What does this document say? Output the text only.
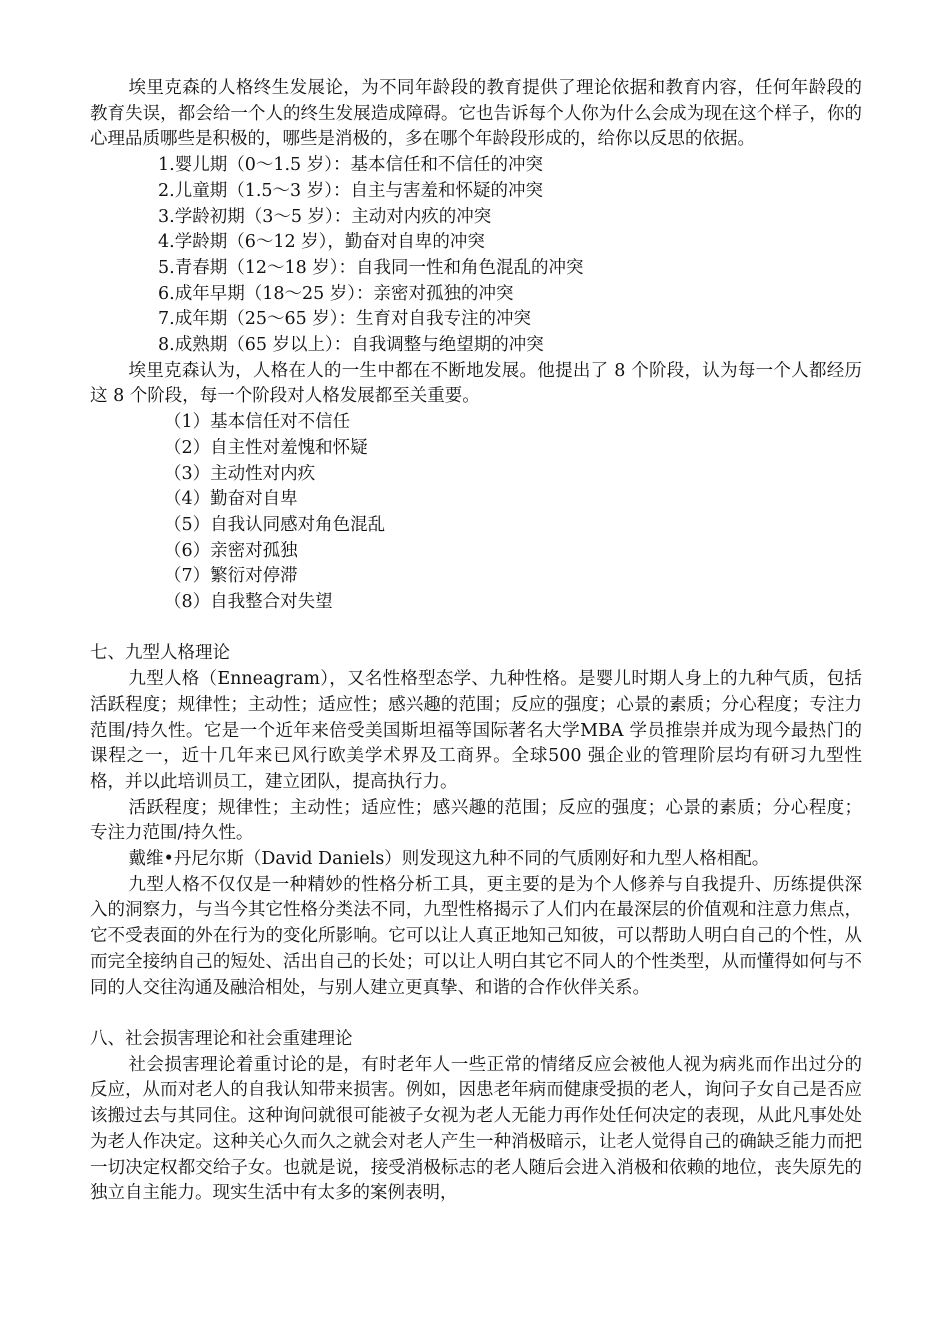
埃里克森的人格终生发展论，为不同年龄段的教育提供了理论依据和教育内容，任何年龄段的教育失误，都会给一个人的终生发展造成障碍。它也告诉每个人你为什么会成为现在这个样子，你的心理品质哪些是积极的，哪些是消极的，多在哪个年龄段形成的，给你以反思的依据。

1.婴儿期（0～1.5 岁）：基本信任和不信任的冲突

2.儿童期（1.5～3 岁）：自主与害羞和怀疑的冲突

3.学龄初期（3～5 岁）：主动对内疚的冲突

4.学龄期（6～12 岁），勤奋对自卑的冲突

5.青春期（12～18 岁）：自我同一性和角色混乱的冲突

6.成年早期（18～25 岁）：亲密对孤独的冲突

7.成年期（25～65 岁）：生育对自我专注的冲突

8.成熟期（65 岁以上）：自我调整与绝望期的冲突

埃里克森认为，人格在人的一生中都在不断地发展。他提出了 8 个阶段，认为每一个人都经历这 8 个阶段，每一个阶段对人格发展都至关重要。

（1）基本信任对不信任

（2）自主性对羞愧和怀疑

（3）主动性对内疚

（4）勤奋对自卑

（5）自我认同感对角色混乱

（6）亲密对孤独

（7）繁衍对停滞

（8）自我整合对失望

七、九型人格理论

九型人格（Enneagram），又名性格型态学、九种性格。是婴儿时期人身上的九种气质，包括活跃程度；规律性；主动性；适应性；感兴趣的范围；反应的强度；心景的素质；分心程度；专注力范围/持久性。它是一个近年来倍受美国斯坦福等国际著名大学MBA 学员推崇并成为现今最热门的课程之一，近十几年来已风行欧美学术界及工商界。全球500 强企业的管理阶层均有研习九型性格，并以此培训员工，建立团队，提高执行力。

活跃程度；规律性；主动性；适应性；感兴趣的范围；反应的强度；心景的素质；分心程度；专注力范围/持久性。

戴维•丹尼尔斯（David Daniels）则发现这九种不同的气质刚好和九型人格相配。

九型人格不仅仅是一种精妙的性格分析工具，更主要的是为个人修养与自我提升、历练提供深入的洞察力，与当今其它性格分类法不同，九型性格揭示了人们内在最深层的价值观和注意力焦点，它不受表面的外在行为的变化所影响。它可以让人真正地知己知彼，可以帮助人明白自己的个性，从而完全接纳自己的短处、活出自己的长处；可以让人明白其它不同人的个性类型，从而懂得如何与不同的人交往沟通及融洽相处，与别人建立更真挚、和谐的合作伙伴关系。

八、社会损害理论和社会重建理论

社会损害理论着重讨论的是，有时老年人一些正常的情绪反应会被他人视为病兆而作出过分的反应，从而对老人的自我认知带来损害。例如，因患老年病而健康受损的老人，询问子女自己是否应该搬过去与其同住。这种询问就很可能被子女视为老人无能力再作处任何决定的表现，从此凡事处处为老人作决定。这种关心久而久之就会对老人产生一种消极暗示，让老人觉得自己的确缺乏能力而把一切决定权都交给子女。也就是说，接受消极标志的老人随后会进入消极和依赖的地位，丧失原先的独立自主能力。现实生活中有太多的案例表明，
